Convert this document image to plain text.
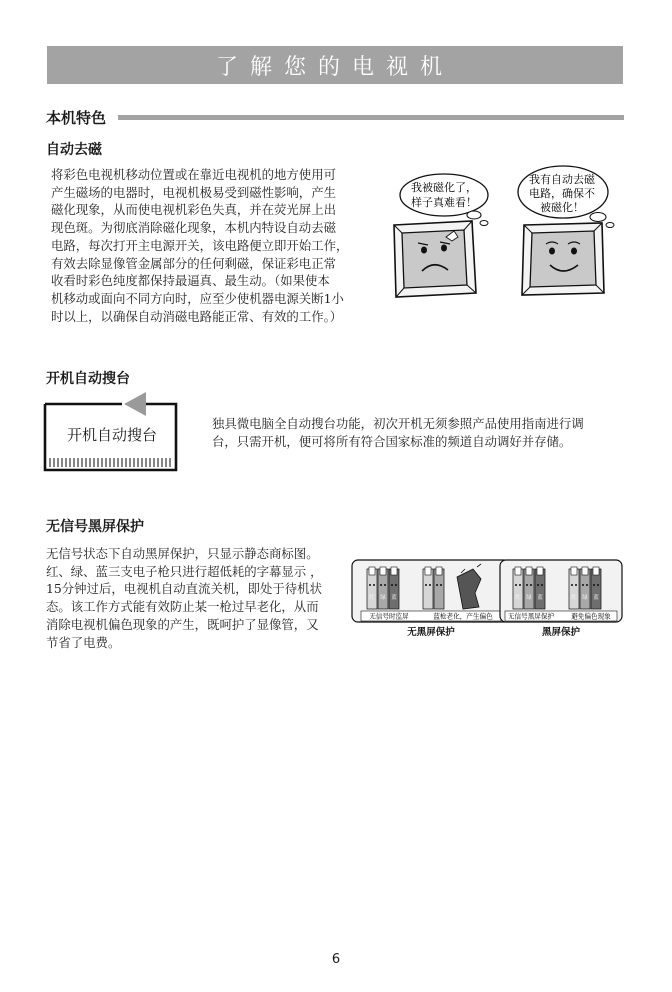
了解您的电视机
本机特色
自动去磁
将彩色电视机移动位置或在靠近电视机的地方使用可
产生磁场的电器时，电视机极易受到磁性影响，产生
磁化现象，从而使电视机彩色失真，并在荧光屏上出
现色斑。为彻底消除磁化现象，本机内特设自动去磁
电路，每次打开主电源开关，该电路便立即开始工作，
有效去除显像管金属部分的任何剩磁，保证彩电正常
收看时彩色纯度都保持最逼真、最生动。（如果使本
机移动或面向不同方向时，应至少使机器电源关断1小
时以上，以确保自动消磁电路能正常、有效的工作。）
我被磁化了，
样子真难看！
我有自动去磁
电路，确保不
被磁化！
开机自动搜台
开机自动搜台
独具微电脑全自动搜台功能，初次开机无须参照产品使用指南进行调
台，只需开机，便可将所有符合国家标准的频道自动调好并存储。
无信号黑屏保护
无信号状态下自动黑屏保护，只显示静态商标图。
红、绿、蓝三支电子枪只进行超低耗的字幕显示 ，
15分钟过后，电视机自动直流关机，即处于待机状
态。该工作方式能有效防止某一枪过早老化，从而
消除电视机偏色现象的产生，既呵护了显像管，又
节省了电费。
红 绿 蓝
无信号时监屏	蓝枪老化，产生偏色
无黑屏保护
红 绿 蓝	红 绿 蓝
无信号黑屏保护	避免偏色现象
黑屏保护
6
